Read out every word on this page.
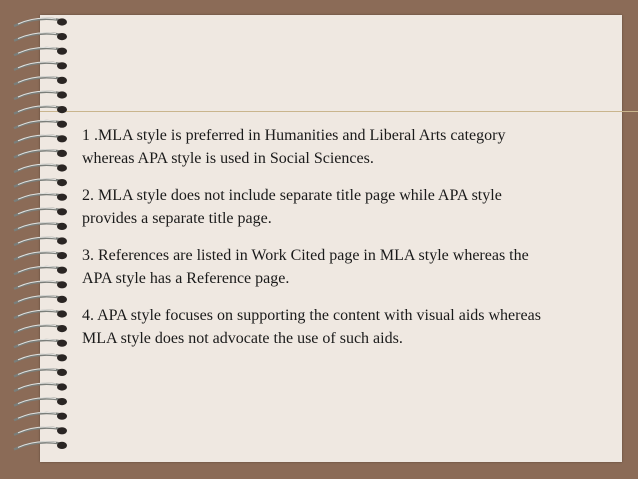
1 .MLA style is preferred in Humanities and Liberal Arts category
whereas APA style is used in Social Sciences.
2. MLA style does not include separate title page while APA style
provides a separate title page.
3. References are listed in Work Cited page in MLA style whereas the
APA style has a Reference page.
4. APA style focuses on supporting the content with visual aids whereas
MLA style does not advocate the use of such aids.
